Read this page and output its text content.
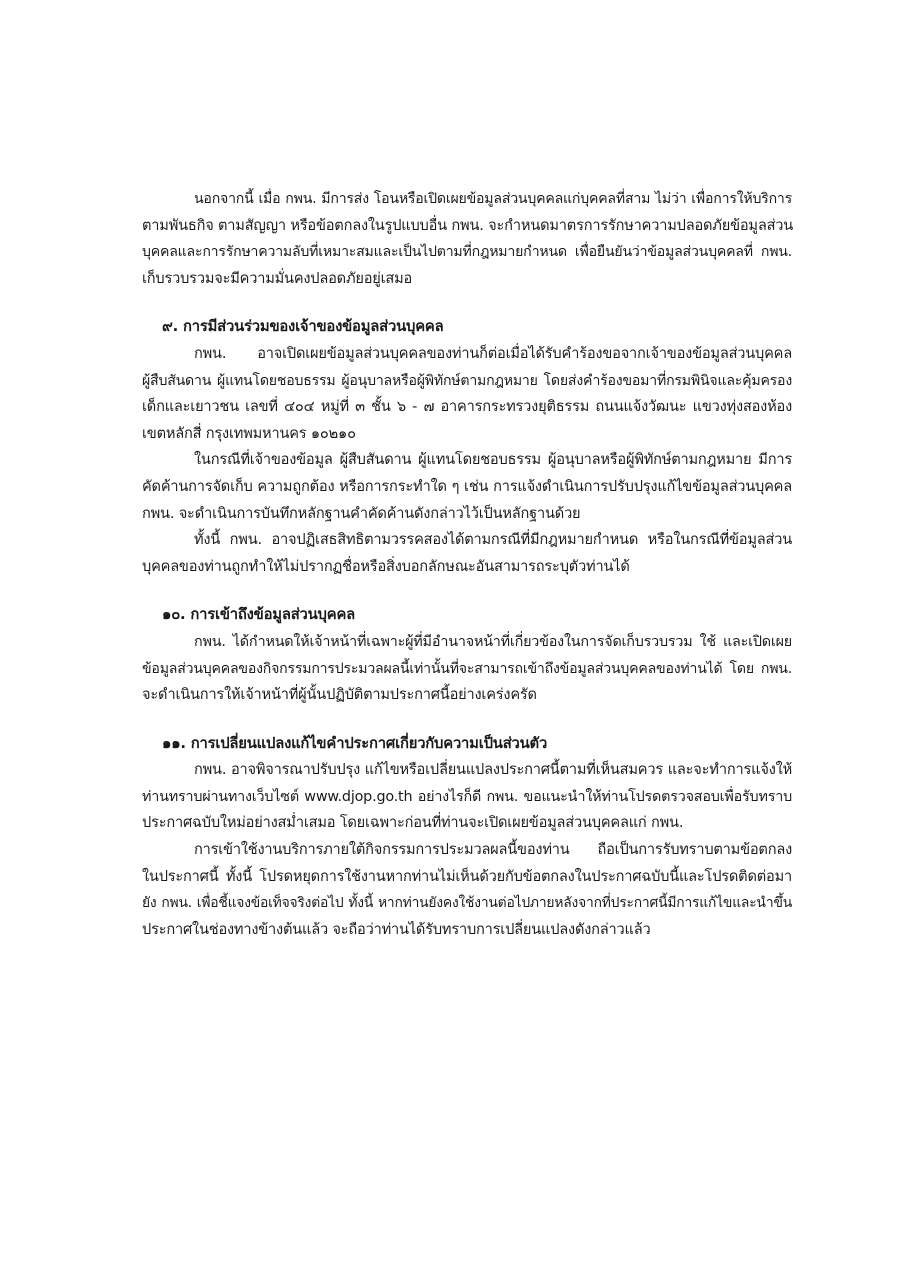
นอกจากนี้ เมื่อ กพน. มีการส่ง โอนหรือเปิดเผยข้อมูลส่วนบุคคลแก่บุคคลที่สาม ไม่ว่า เพื่อการให้บริการ
ตามพันธกิจ ตามสัญญา หรือข้อตกลงในรูปแบบอื่น กพน. จะกำหนดมาตรการรักษาความปลอดภัยข้อมูลส่วน
บุคคลและการรักษาความลับที่เหมาะสมและเป็นไปตามที่กฎหมายกำหนด เพื่อยืนยันว่าข้อมูลส่วนบุคคลที่ กพน.
เก็บรวบรวมจะมีความมั่นคงปลอดภัยอยู่เสมอ
๙. การมีส่วนร่วมของเจ้าของข้อมูลส่วนบุคคล
กพน. อาจเปิดเผยข้อมูลส่วนบุคคลของท่านก็ต่อเมื่อได้รับคำร้องขอจากเจ้าของข้อมูลส่วนบุคคล
ผู้สืบสันดาน ผู้แทนโดยชอบธรรม ผู้อนุบาลหรือผู้พิทักษ์ตามกฎหมาย โดยส่งคำร้องขอมาที่กรมพินิจและคุ้มครอง
เด็กและเยาวชน เลขที่ ๔๐๔ หมู่ที่ ๓ ชั้น ๖ - ๗ อาคารกระทรวงยุติธรรม ถนนแจ้งวัฒนะ แขวงทุ่งสองห้อง
เขตหลักสี่ กรุงเทพมหานคร ๑๐๒๑๐
ในกรณีที่เจ้าของข้อมูล ผู้สืบสันดาน ผู้แทนโดยชอบธรรม ผู้อนุบาลหรือผู้พิทักษ์ตามกฎหมาย มีการ
คัดค้านการจัดเก็บ ความถูกต้อง หรือการกระทำใด ๆ เช่น การแจ้งดำเนินการปรับปรุงแก้ไขข้อมูลส่วนบุคคล
กพน. จะดำเนินการบันทึกหลักฐานคำคัดค้านดังกล่าวไว้เป็นหลักฐานด้วย
ทั้งนี้ กพน. อาจปฏิเสธสิทธิตามวรรคสองได้ตามกรณีที่มีกฎหมายกำหนด หรือในกรณีที่ข้อมูลส่วน
บุคคลของท่านถูกทำให้ไม่ปรากฏชื่อหรือสิ่งบอกลักษณะอันสามารถระบุตัวท่านได้
๑๐. การเข้าถึงข้อมูลส่วนบุคคล
กพน. ได้กำหนดให้เจ้าหน้าที่เฉพาะผู้ที่มีอำนาจหน้าที่เกี่ยวข้องในการจัดเก็บรวบรวม ใช้ และเปิดเผย
ข้อมูลส่วนบุคคลของกิจกรรมการประมวลผลนี้เท่านั้นที่จะสามารถเข้าถึงข้อมูลส่วนบุคคลของท่านได้ โดย กพน.
จะดำเนินการให้เจ้าหน้าที่ผู้นั้นปฏิบัติตามประกาศนี้อย่างเคร่งครัด
๑๑. การเปลี่ยนแปลงแก้ไขคำประกาศเกี่ยวกับความเป็นส่วนตัว
กพน. อาจพิจารณาปรับปรุง แก้ไขหรือเปลี่ยนแปลงประกาศนี้ตามที่เห็นสมควร และจะทำการแจ้งให้
ท่านทราบผ่านทางเว็บไซต์ www.djop.go.th อย่างไรก็ดี กพน. ขอแนะนำให้ท่านโปรดตรวจสอบเพื่อรับทราบ
ประกาศฉบับใหม่อย่างสม่ำเสมอ โดยเฉพาะก่อนที่ท่านจะเปิดเผยข้อมูลส่วนบุคคลแก่ กพน.
การเข้าใช้งานบริการภายใต้กิจกรรมการประมวลผลนี้ของท่าน ถือเป็นการรับทราบตามข้อตกลง
ในประกาศนี้ ทั้งนี้ โปรดหยุดการใช้งานหากท่านไม่เห็นด้วยกับข้อตกลงในประกาศฉบับนี้และโปรดติดต่อมา
ยัง กพน. เพื่อชี้แจงข้อเท็จจริงต่อไป ทั้งนี้ หากท่านยังคงใช้งานต่อไปภายหลังจากที่ประกาศนี้มีการแก้ไขและนำขึ้น
ประกาศในช่องทางข้างต้นแล้ว จะถือว่าท่านได้รับทราบการเปลี่ยนแปลงดังกล่าวแล้ว
